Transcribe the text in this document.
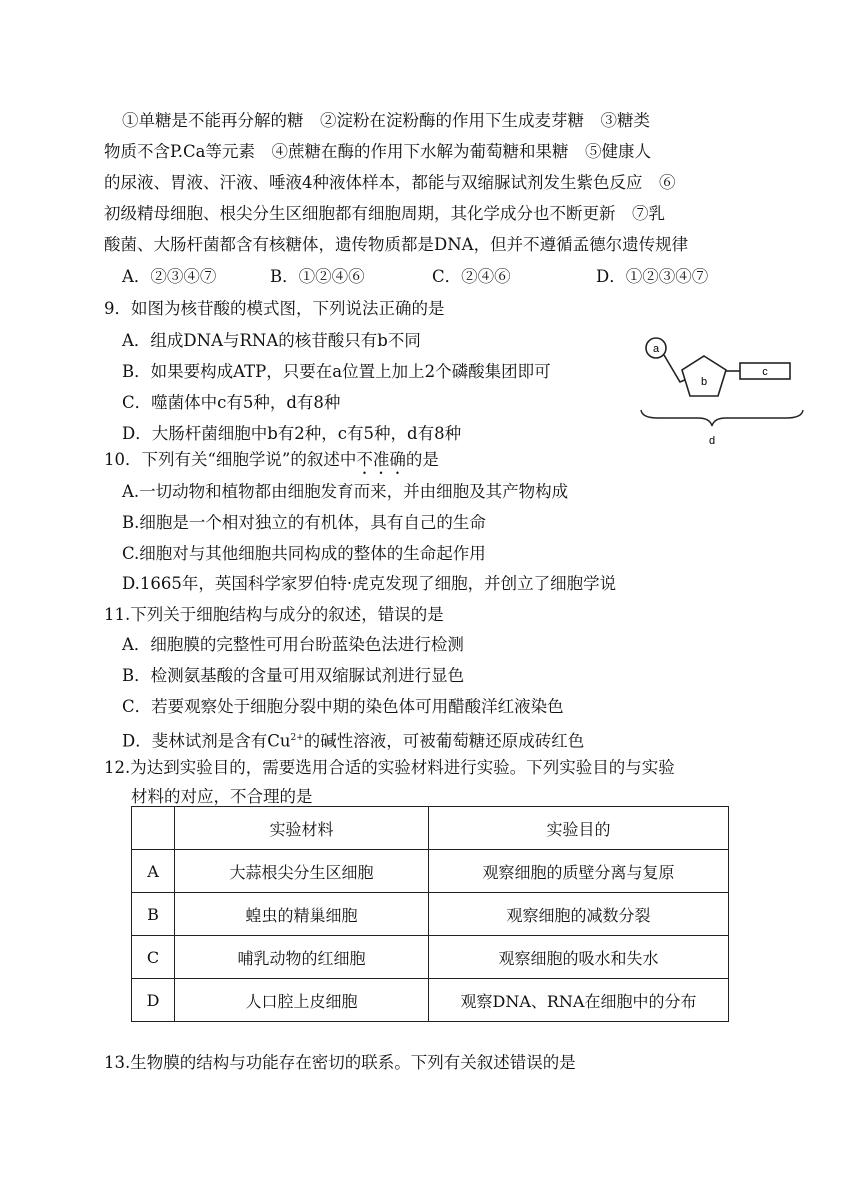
①单糖是不能再分解的糖　②淀粉在淀粉酶的作用下生成麦芽糖　③糖类
物质不含P.Ca等元素　④蔗糖在酶的作用下水解为葡萄糖和果糖　⑤健康人
的尿液、胃液、汗液、唾液4种液体样本，都能与双缩脲试剂发生紫色反应　⑥
初级精母细胞、根尖分生区细胞都有细胞周期，其化学成分也不断更新　⑦乳
酸菌、大肠杆菌都含有核糖体，遗传物质都是DNA，但并不遵循孟德尔遗传规律
A．②③④⑦	B．①②④⑥	C．②④⑥	D．①②③④⑦
9．如图为核苷酸的模式图，下列说法正确的是
A．组成DNA与RNA的核苷酸只有b不同
B．如果要构成ATP，只要在a位置上加上2个磷酸集团即可
C．噬菌体中c有5种，d有8种
D．大肠杆菌细胞中b有2种，c有5种，d有8种
a
b
c
d
10．下列有关“细胞学说”的叙述中不准确的是
A.一切动物和植物都由细胞发育而来，并由细胞及其产物构成
B.细胞是一个相对独立的有机体，具有自己的生命
C.细胞对与其他细胞共同构成的整体的生命起作用
D.1665年，英国科学家罗伯特·虎克发现了细胞，并创立了细胞学说
11.下列关于细胞结构与成分的叙述，错误的是
A．细胞膜的完整性可用台盼蓝染色法进行检测
B．检测氨基酸的含量可用双缩脲试剂进行显色
C．若要观察处于细胞分裂中期的染色体可用醋酸洋红液染色
D．斐林试剂是含有$Cu^{2+}$的碱性溶液，可被葡萄糖还原成砖红色
12.为达到实验目的，需要选用合适的实验材料进行实验。下列实验目的与实验
材料的对应，不合理的是
	实验材料	实验目的
A	大蒜根尖分生区细胞	观察细胞的质壁分离与复原
B	蝗虫的精巢细胞	观察细胞的减数分裂
C	哺乳动物的红细胞	观察细胞的吸水和失水
D	人口腔上皮细胞	观察DNA、RNA在细胞中的分布
13.生物膜的结构与功能存在密切的联系。下列有关叙述错误的是
